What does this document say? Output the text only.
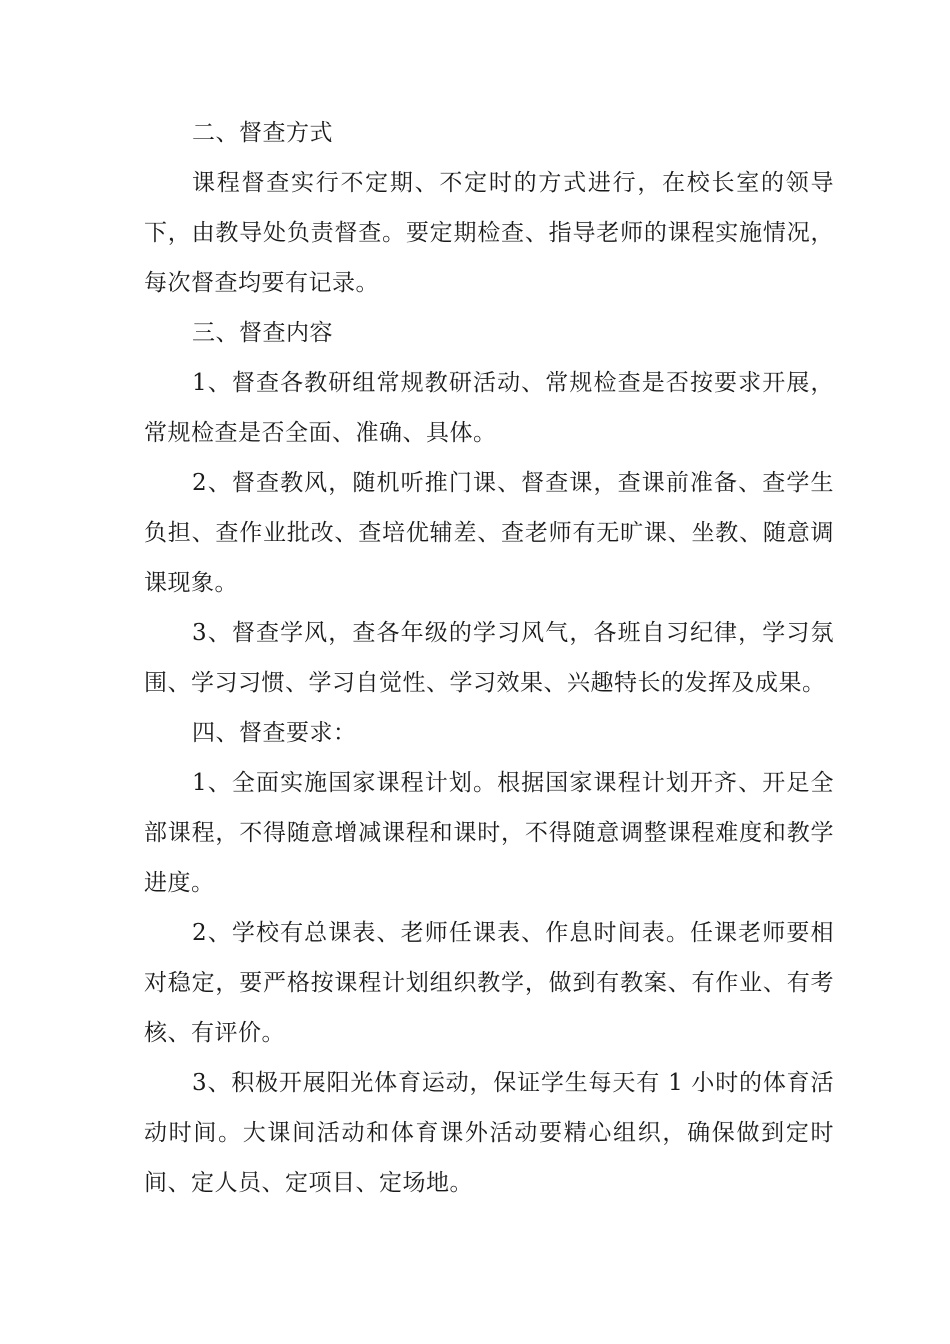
二、督查方式

课程督查实行不定期、不定时的方式进行，在校长室的领导下，由教导处负责督查。要定期检查、指导老师的课程实施情况，每次督查均要有记录。

三、督查内容

1、督查各教研组常规教研活动、常规检查是否按要求开展，常规检查是否全面、准确、具体。

2、督查教风，随机听推门课、督查课，查课前准备、查学生负担、查作业批改、查培优辅差、查老师有无旷课、坐教、随意调课现象。

3、督查学风，查各年级的学习风气，各班自习纪律，学习氛围、学习习惯、学习自觉性、学习效果、兴趣特长的发挥及成果。

四、督查要求：

1、全面实施国家课程计划。根据国家课程计划开齐、开足全部课程，不得随意增减课程和课时，不得随意调整课程难度和教学进度。

2、学校有总课表、老师任课表、作息时间表。任课老师要相对稳定，要严格按课程计划组织教学，做到有教案、有作业、有考核、有评价。

3、积极开展阳光体育运动，保证学生每天有 1 小时的体育活动时间。大课间活动和体育课外活动要精心组织，确保做到定时间、定人员、定项目、定场地。
